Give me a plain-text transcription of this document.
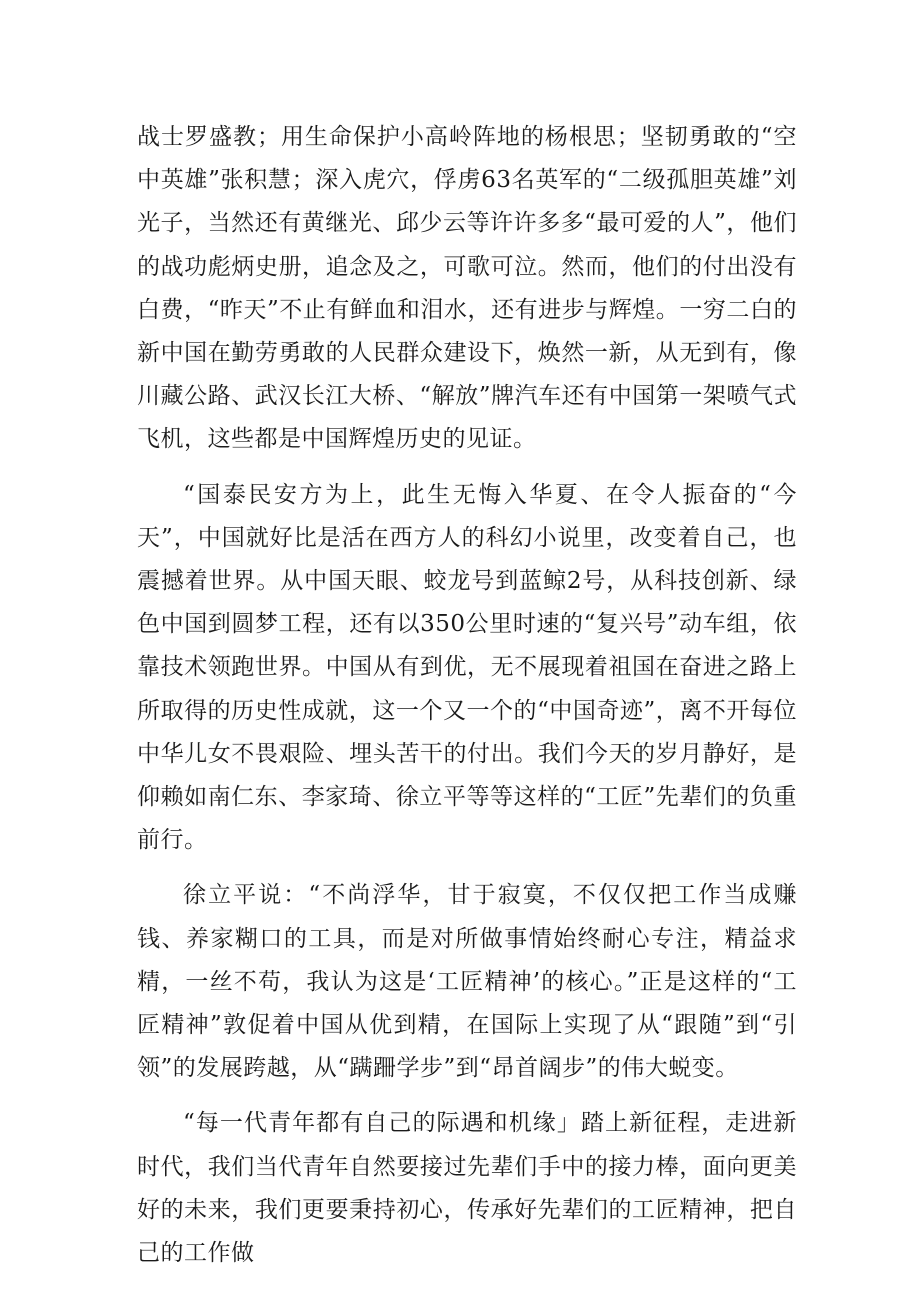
战士罗盛教；用生命保护小高岭阵地的杨根思；坚韧勇敢的“空中英雄”张积慧；深入虎穴，俘虏63名英军的“二级孤胆英雄”刘光子，当然还有黄继光、邱少云等许许多多“最可爱的人”，他们的战功彪炳史册，追念及之，可歌可泣。然而，他们的付出没有白费，“昨天”不止有鲜血和泪水，还有进步与辉煌。一穷二白的新中国在勤劳勇敢的人民群众建设下，焕然一新，从无到有，像川藏公路、武汉长江大桥、“解放”牌汽车还有中国第一架喷气式飞机，这些都是中国辉煌历史的见证。

“国泰民安方为上，此生无悔入华夏、在令人振奋的“今天”，中国就好比是活在西方人的科幻小说里，改变着自己，也震撼着世界。从中国天眼、蛟龙号到蓝鲸2号，从科技创新、绿色中国到圆梦工程，还有以350公里时速的“复兴号”动车组，依靠技术领跑世界。中国从有到优，无不展现着祖国在奋进之路上所取得的历史性成就，这一个又一个的“中国奇迹”，离不开每位中华儿女不畏艰险、埋头苦干的付出。我们今天的岁月静好，是仰赖如南仁东、李家琦、徐立平等等这样的“工匠”先辈们的负重前行。

徐立平说：“不尚浮华，甘于寂寞，不仅仅把工作当成赚钱、养家糊口的工具，而是对所做事情始终耐心专注，精益求精，一丝不苟，我认为这是‘工匠精神’的核心。”正是这样的“工匠精神”敦促着中国从优到精，在国际上实现了从“跟随”到“引领”的发展跨越，从“蹒跚学步”到“昂首阔步”的伟大蜕变。

“每一代青年都有自己的际遇和机缘」踏上新征程，走进新时代，我们当代青年自然要接过先辈们手中的接力棒，面向更美好的未来，我们更要秉持初心，传承好先辈们的工匠精神，把自己的工作做
